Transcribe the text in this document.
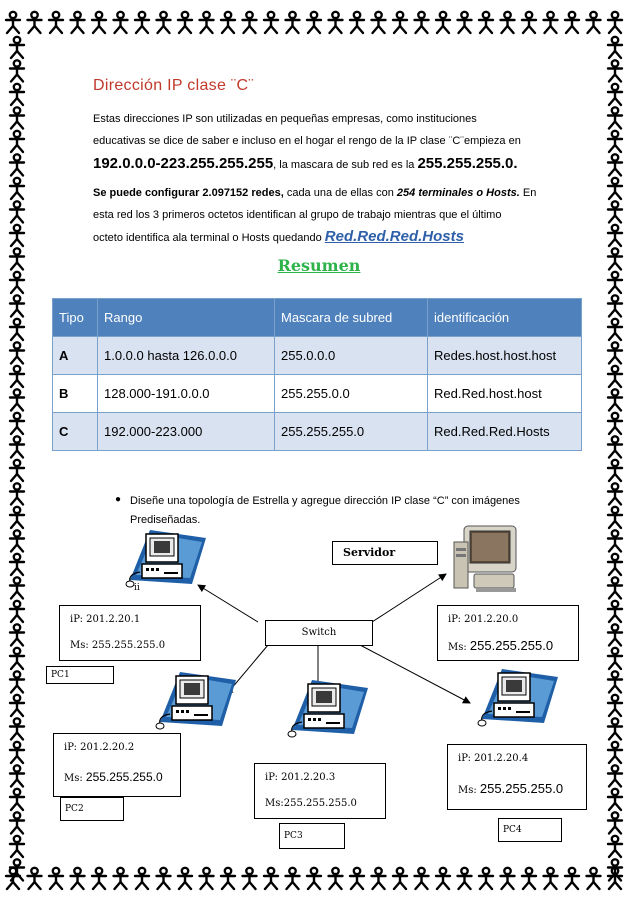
Dirección IP clase ¨C¨
Estas direcciones IP son utilizadas en pequeñas empresas, como instituciones
educativas se dice de saber e incluso en el hogar el rengo de la IP clase ¨C¨empieza en
192.0.0.0-223.255.255.255, la mascara de sub red es la 255.255.255.0.
Se puede configurar 2.097152 redes, cada una de ellas con 254 terminales o Hosts. En
esta red los 3 primeros octetos identifican al grupo de trabajo mientras que el último
octeto identifica ala terminal o Hosts quedando Red.Red.Red.Hosts
Resumen
Tipo	Rango	Mascara de subred	identificación
A	1.0.0.0 hasta 126.0.0.0	255.0.0.0	Redes.host.host.host
B	128.000-191.0.0.0	255.255.0.0	Red.Red.host.host
C	192.000-223.000	255.255.255.0	Red.Red.Red.Hosts
● Diseñe una topología de Estrella y agregue dirección IP clase “C” con imágenes
Prediseñadas.
Servidor
ii
iP: 201.2.20.1
Ms: 255.255.255.0
Switch
iP: 201.2.20.0
Ms: 255.255.255.0
PC1
iP: 201.2.20.2
Ms: 255.255.255.0
PC2
iP: 201.2.20.3
Ms:255.255.255.0
PC3
iP: 201.2.20.4
Ms: 255.255.255.0
PC4
